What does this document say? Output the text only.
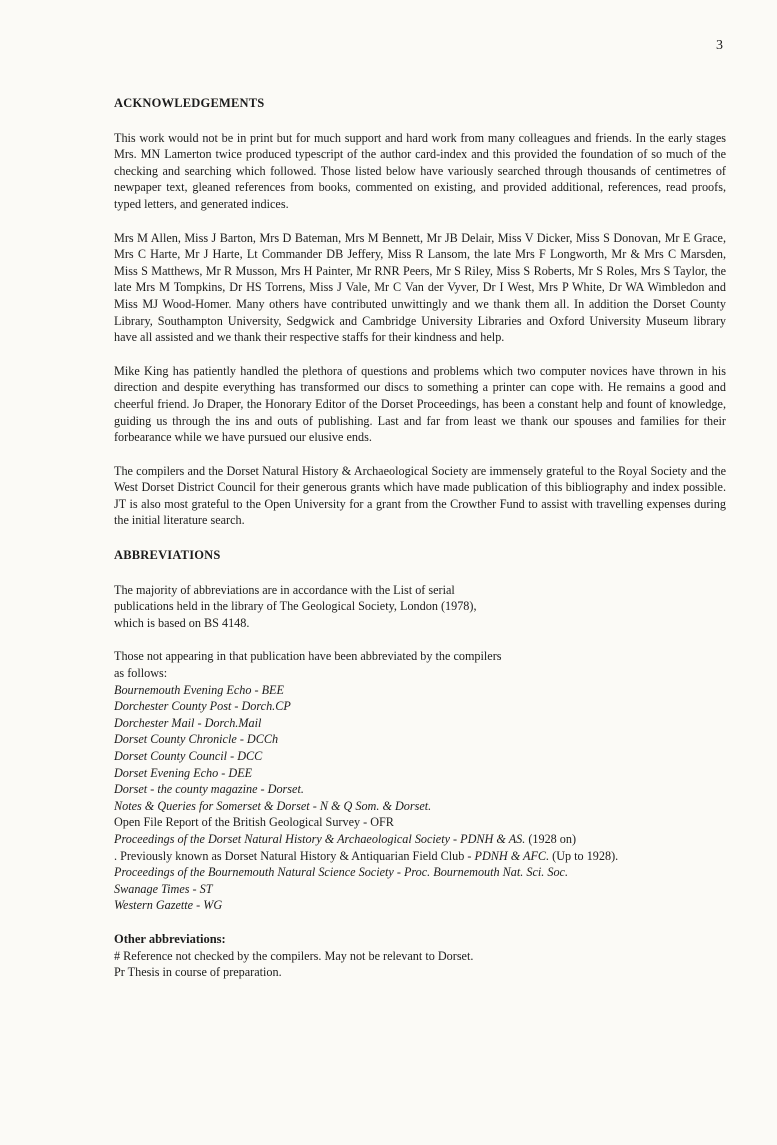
3
ACKNOWLEDGEMENTS

This work would not be in print but for much support and hard work from many colleagues and friends. In the early stages Mrs. MN Lamerton twice produced typescript of the author card-index and this provided the foundation of so much of the checking and searching which followed. Those listed below have variously searched through thousands of centimetres of newpaper text, gleaned references from books, commented on existing, and provided additional, references, read proofs, typed letters, and generated indices.

Mrs M Allen, Miss J Barton, Mrs D Bateman, Mrs M Bennett, Mr JB Delair, Miss V Dicker, Miss S Donovan, Mr E Grace, Mrs C Harte, Mr J Harte, Lt Commander DB Jeffery, Miss R Lansom, the late Mrs F Longworth, Mr & Mrs C Marsden, Miss S Matthews, Mr R Musson, Mrs H Painter, Mr RNR Peers, Mr S Riley, Miss S Roberts, Mr S Roles, Mrs S Taylor, the late Mrs M Tompkins, Dr HS Torrens, Miss J Vale, Mr C Van der Vyver, Dr I West, Mrs P White, Dr WA Wimbledon and Miss MJ Wood-Homer. Many others have contributed unwittingly and we thank them all. In addition the Dorset County Library, Southampton University, Sedgwick and Cambridge University Libraries and Oxford University Museum library have all assisted and we thank their respective staffs for their kindness and help.

Mike King has patiently handled the plethora of questions and problems which two computer novices have thrown in his direction and despite everything has transformed our discs to something a printer can cope with. He remains a good and cheerful friend. Jo Draper, the Honorary Editor of the Dorset Proceedings, has been a constant help and fount of knowledge, guiding us through the ins and outs of publishing. Last and far from least we thank our spouses and families for their forbearance while we have pursued our elusive ends.

The compilers and the Dorset Natural History & Archaeological Society are immensely grateful to the Royal Society and the West Dorset District Council for their generous grants which have made publication of this bibliography and index possible. JT is also most grateful to the Open University for a grant from the Crowther Fund to assist with travelling expenses during the initial literature search.

ABBREVIATIONS
The majority of abbreviations are in accordance with the List of serial
publications held in the library of The Geological Society, London (1978),
which is based on BS 4148.
Those not appearing in that publication have been abbreviated by the compilers
as follows:
Bournemouth Evening Echo - BEE
Dorchester County Post - Dorch.CP
Dorchester Mail - Dorch.Mail
Dorset County Chronicle - DCCh
Dorset County Council - DCC
Dorset Evening Echo - DEE
Dorset - the county magazine - Dorset.
Notes & Queries for Somerset & Dorset - N & Q Som. & Dorset.
Open File Report of the British Geological Survey - OFR
Proceedings of the Dorset Natural History & Archaeological Society - PDNH & AS. (1928 on)
. Previously known as Dorset Natural History & Antiquarian Field Club - PDNH & AFC. (Up to 1928).
Proceedings of the Bournemouth Natural Science Society - Proc. Bournemouth Nat. Sci. Soc.
Swanage Times - ST
Western Gazette - WG
Other abbreviations:
# Reference not checked by the compilers. May not be relevant to Dorset.
Pr Thesis in course of preparation.
